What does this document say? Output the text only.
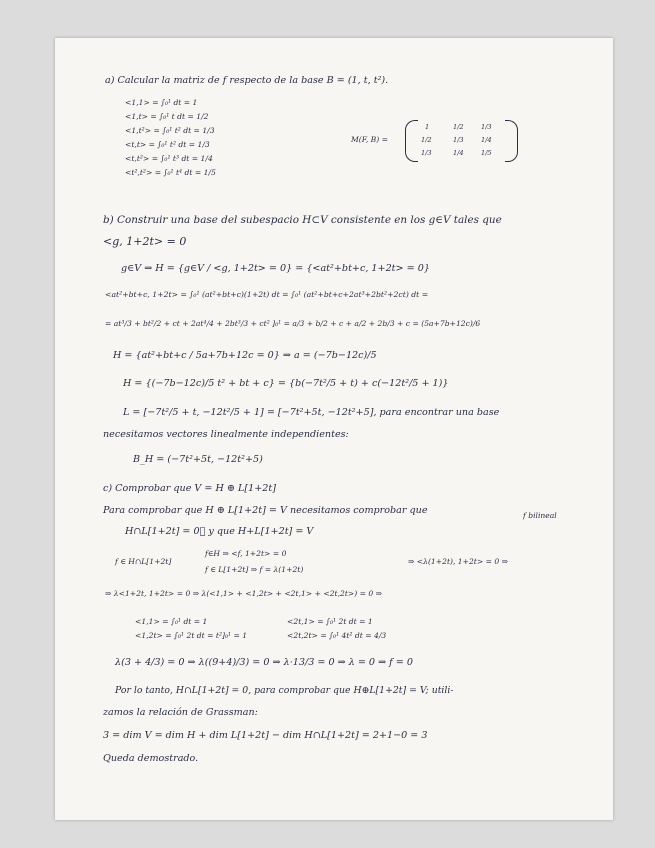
a) Calcular la matriz de f respecto de la base B = (1, t, t²).
<1,1> = ∫₀¹ dt = 1
<1,t> = ∫₀¹ t dt = 1/2
<1,t²> = ∫₀¹ t² dt = 1/3
<t,t> = ∫₀¹ t² dt = 1/3
<t,t²> = ∫₀¹ t³ dt = 1/4
<t²,t²> = ∫₀¹ t⁴ dt = 1/5
M(F, B) =
1	1/2	1/3
1/2	1/3	1/4
1/3	1/4	1/5
b) Construir una base del subespacio H⊂V consistente en los g∈V tales que
<g, 1+2t> = 0
g∈V ⇒ H = {g∈V / <g, 1+2t> = 0} = {<at²+bt+c, 1+2t> = 0}
<at²+bt+c, 1+2t> = ∫₀¹ (at²+bt+c)(1+2t) dt = ∫₀¹ (at²+bt+c+2at³+2bt²+2ct) dt =
= at³/3 + bt²/2 + ct + 2at⁴/4 + 2bt³/3 + ct² ]₀¹ = a/3 + b/2 + c + a/2 + 2b/3 + c = (5a+7b+12c)/6
H = {at²+bt+c / 5a+7b+12c = 0} ⇒ a = (−7b−12c)/5
H = {(−7b−12c)/5 t² + bt + c} = {b(−7t²/5 + t) + c(−12t²/5 + 1)}
L = [−7t²/5 + t, −12t²/5 + 1] = [−7t²+5t, −12t²+5], para encontrar una base
necesitamos vectores linealmente independientes:
B_H = (−7t²+5t, −12t²+5)
c) Comprobar que V = H ⊕ L[1+2t]
Para comprobar que H ⊕ L[1+2t] = V necesitamos comprobar que
H∩L[1+2t] = 0⃗ y que H+L[1+2t] = V
f bilineal
f ∈ H∩L[1+2t]
f∈H ⇒ <f, 1+2t> = 0
f ∈ L[1+2t] ⇒ f = λ(1+2t)
⇒ <λ(1+2t), 1+2t> = 0 ⇒
⇒ λ<1+2t, 1+2t> = 0 ⇒ λ(<1,1> + <1,2t> + <2t,1> + <2t,2t>) = 0 ⇒
<1,1> = ∫₀¹ dt = 1
<1,2t> = ∫₀¹ 2t dt = t²]₀¹ = 1
<2t,1> = ∫₀¹ 2t dt = 1
<2t,2t> = ∫₀¹ 4t² dt = 4/3
λ(3 + 4/3) = 0 ⇒ λ((9+4)/3) = 0 ⇒ λ·13/3 = 0 ⇒ λ = 0 ⇒ f = 0
Por lo tanto, H∩L[1+2t] = 0, para comprobar que H⊕L[1+2t] = V; utili-
zamos la relación de Grassman:
3 = dim V = dim H + dim L[1+2t] − dim H∩L[1+2t] = 2+1−0 = 3
Queda demostrado.
